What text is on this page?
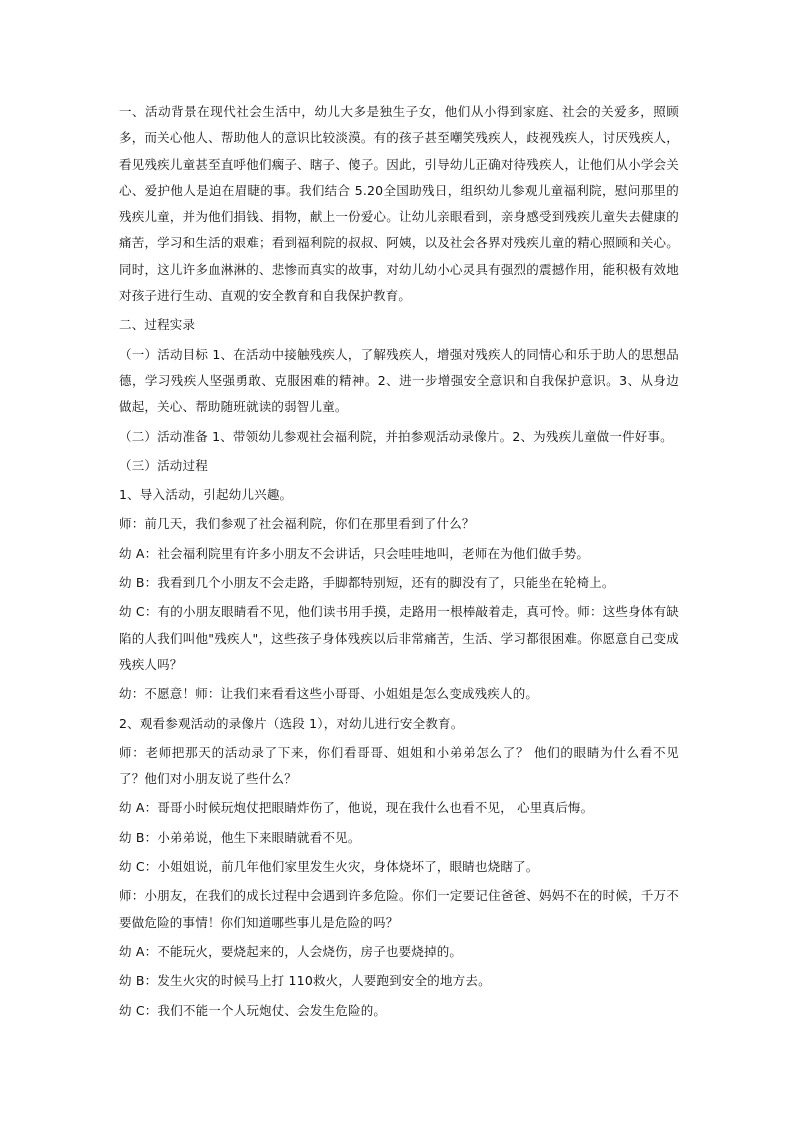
一、活动背景在现代社会生活中，幼儿大多是独生子女，他们从小得到家庭、社会的关爱多，照顾多，而关心他人、帮助他人的意识比较淡漠。有的孩子甚至嘲笑残疾人，歧视残疾人，讨厌残疾人，看见残疾儿童甚至直呼他们瘸子、瞎子、傻子。因此，引导幼儿正确对待残疾人，让他们从小学会关心、爱护他人是迫在眉睫的事。我们结合 5.20全国助残日，组织幼儿参观儿童福利院，慰问那里的残疾儿童，并为他们捐钱、捐物，献上一份爱心。让幼儿亲眼看到，亲身感受到残疾儿童失去健康的痛苦，学习和生活的艰难；看到福利院的叔叔、阿姨，以及社会各界对残疾儿童的精心照顾和关心。同时，这儿许多血淋淋的、悲惨而真实的故事，对幼儿幼小心灵具有强烈的震撼作用，能积极有效地对孩子进行生动、直观的安全教育和自我保护教育。

二、过程实录

（一）活动目标 1、在活动中接触残疾人，了解残疾人，增强对残疾人的同情心和乐于助人的思想品德，学习残疾人坚强勇敢、克服困难的精神。2、进一步增强安全意识和自我保护意识。3、从身边做起，关心、帮助随班就读的弱智儿童。

（二）活动准备 1、带领幼儿参观社会福利院，并拍参观活动录像片。2、为残疾儿童做一件好事。

（三）活动过程

1、导入活动，引起幼儿兴趣。

师：前几天，我们参观了社会福利院，你们在那里看到了什么？

幼 A：社会福利院里有许多小朋友不会讲话，只会哇哇地叫，老师在为他们做手势。

幼 B：我看到几个小朋友不会走路，手脚都特别短，还有的脚没有了，只能坐在轮椅上。

幼 C：有的小朋友眼睛看不见，他们读书用手摸，走路用一根棒敲着走，真可怜。师：这些身体有缺陷的人我们叫他"残疾人"，这些孩子身体残疾以后非常痛苦，生活、学习都很困难。你愿意自己变成残疾人吗？

幼：不愿意！师：让我们来看看这些小哥哥、小姐姐是怎么变成残疾人的。

2、观看参观活动的录像片（选段 1），对幼儿进行安全教育。

师：老师把那天的活动录了下来，你们看哥哥、姐姐和小弟弟怎么了？ 他们的眼睛为什么看不见了？他们对小朋友说了些什么？

幼 A：哥哥小时候玩炮仗把眼睛炸伤了，他说，现在我什么也看不见， 心里真后悔。

幼 B：小弟弟说，他生下来眼睛就看不见。

幼 C：小姐姐说，前几年他们家里发生火灾，身体烧坏了，眼睛也烧瞎了。

师：小朋友，在我们的成长过程中会遇到许多危险。你们一定要记住爸爸、妈妈不在的时候，千万不要做危险的事情！你们知道哪些事儿是危险的吗？

幼 A：不能玩火，要烧起来的，人会烧伤，房子也要烧掉的。

幼 B：发生火灾的时候马上打 110救火，人要跑到安全的地方去。

幼 C：我们不能一个人玩炮仗、会发生危险的。
